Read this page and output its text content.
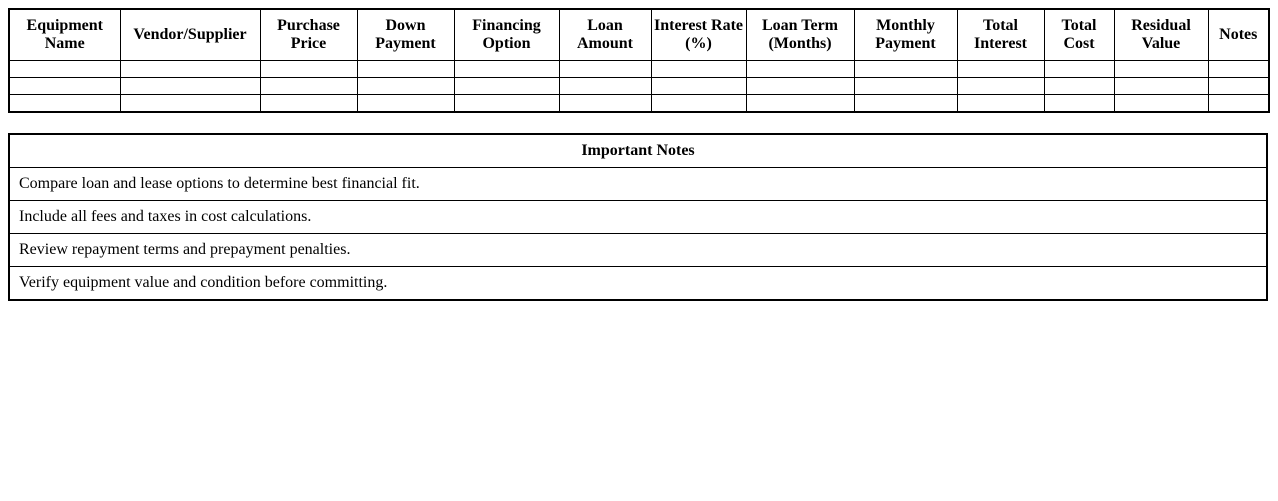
Equipment Name	Vendor/Supplier	Purchase Price	Down Payment	Financing Option	Loan Amount	Interest Rate (%)	Loan Term (Months)	Monthly Payment	Total Interest	Total Cost	Residual Value	Notes

Important Notes
Compare loan and lease options to determine best financial fit.
Include all fees and taxes in cost calculations.
Review repayment terms and prepayment penalties.
Verify equipment value and condition before committing.
